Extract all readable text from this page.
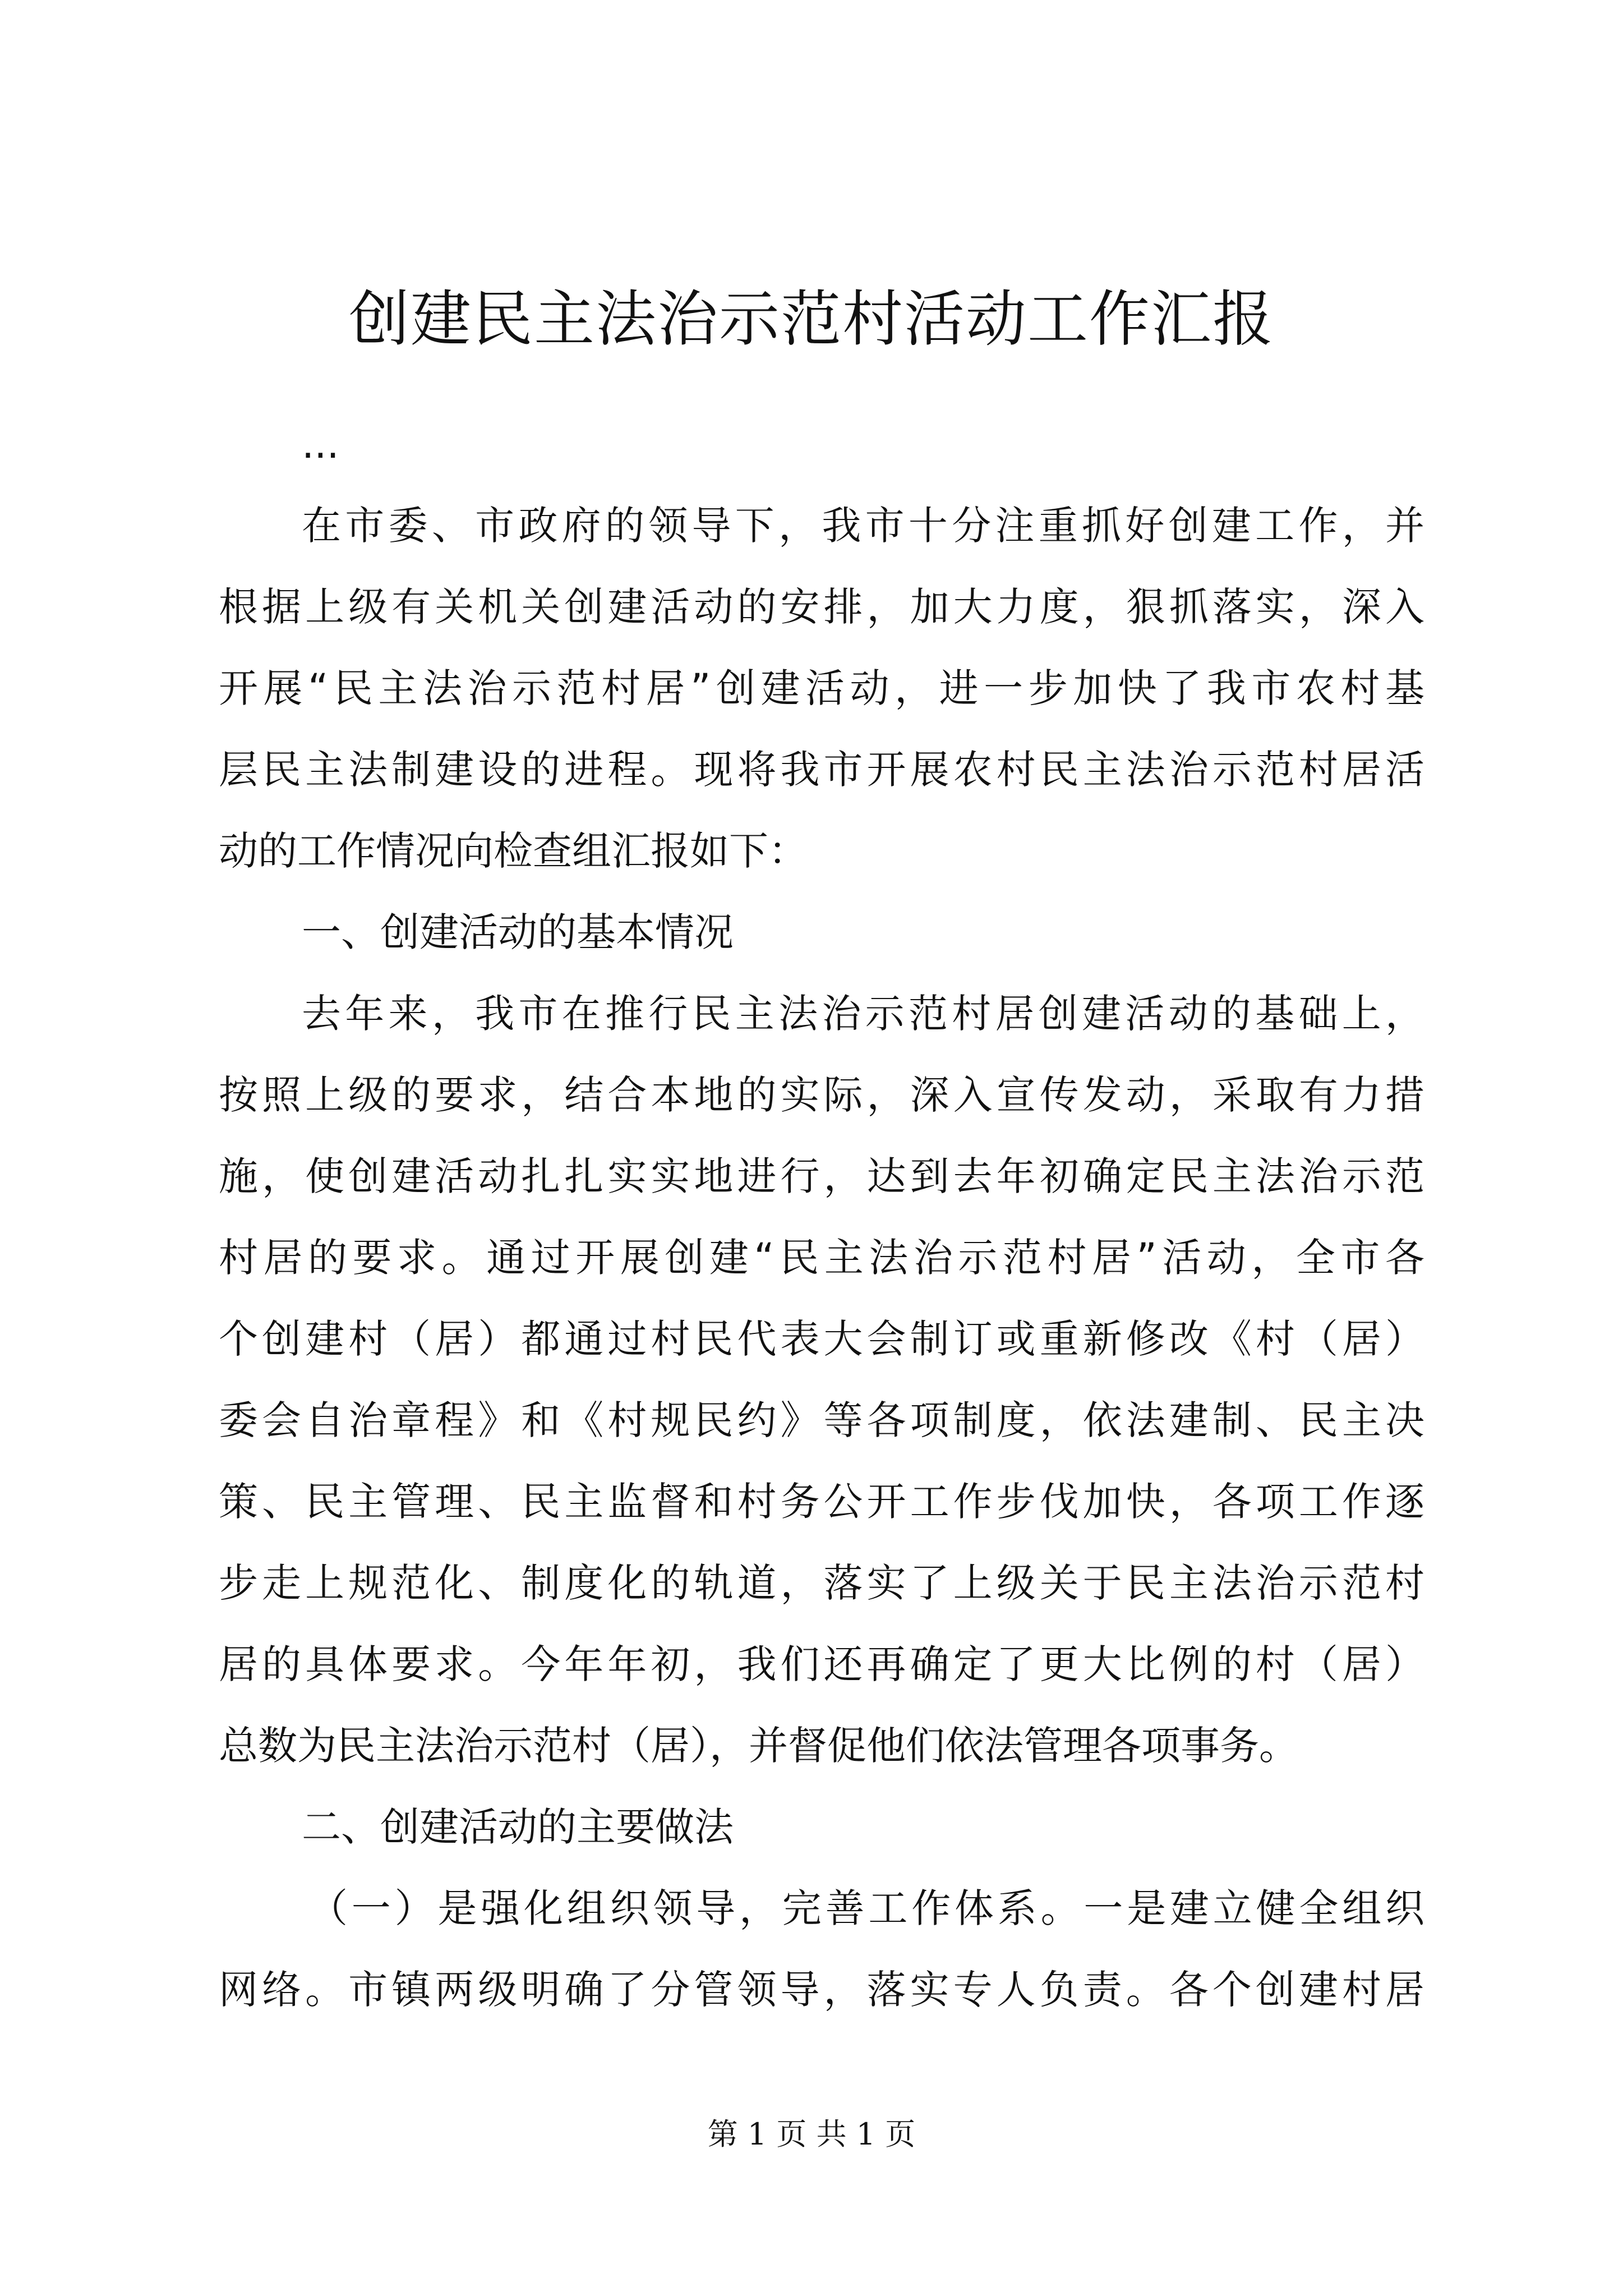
创建民主法治示范村活动工作汇报
...
在市委、市政府的领导下，我市十分注重抓好创建工作，并
根据上级有关机关创建活动的安排，加大力度，狠抓落实，深入
开展“民主法治示范村居”创建活动，进一步加快了我市农村基
层民主法制建设的进程。现将我市开展农村民主法治示范村居活
动的工作情况向检查组汇报如下：
一、创建活动的基本情况
去年来，我市在推行民主法治示范村居创建活动的基础上，
按照上级的要求，结合本地的实际，深入宣传发动，采取有力措
施，使创建活动扎扎实实地进行，达到去年初确定民主法治示范
村居的要求。通过开展创建“民主法治示范村居”活动，全市各
个创建村（居）都通过村民代表大会制订或重新修改《村（居）
委会自治章程》和《村规民约》等各项制度，依法建制、民主决
策、民主管理、民主监督和村务公开工作步伐加快，各项工作逐
步走上规范化、制度化的轨道，落实了上级关于民主法治示范村
居的具体要求。今年年初，我们还再确定了更大比例的村（居）
总数为民主法治示范村（居），并督促他们依法管理各项事务。
二、创建活动的主要做法
（一）是强化组织领导，完善工作体系。一是建立健全组织
网络。市镇两级明确了分管领导，落实专人负责。各个创建村居
第 1 页 共 1 页
